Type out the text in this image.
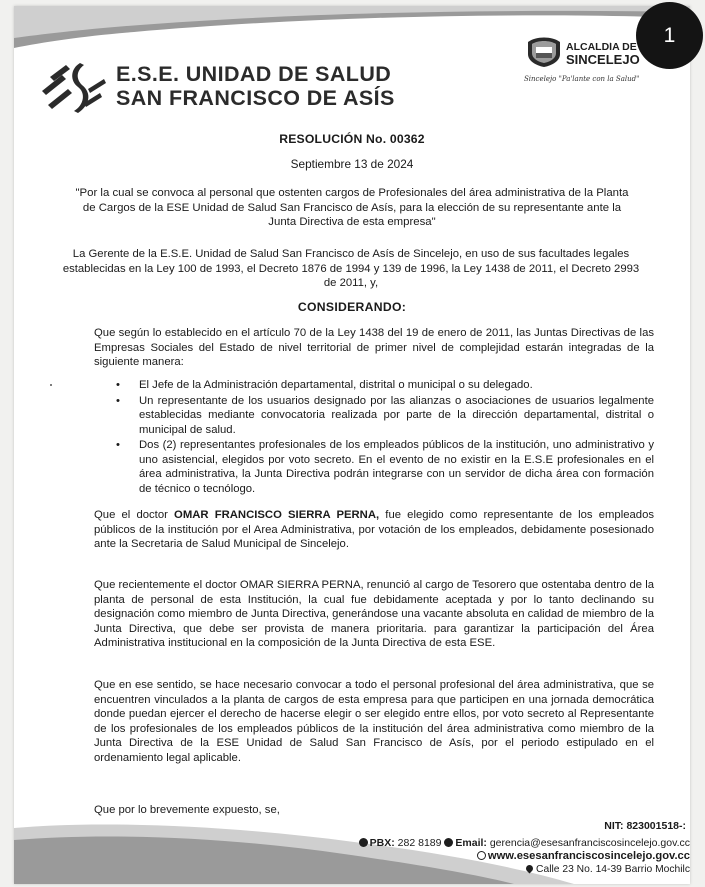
E.S.E. UNIDAD DE SALUD
SAN FRANCISCO DE ASÍS
ALCALDÍA DE
SINCELEJO
Sincelejo "Pa'lante con la Salud"
RESOLUCIÓN No. 00362
Septiembre 13 de 2024
"Por la cual se convoca al personal que ostenten cargos de Profesionales del área administrativa de la Planta de Cargos de la ESE Unidad de Salud San Francisco de Asís, para la elección de su representante ante la Junta Directiva de esta empresa"
La Gerente de la E.S.E. Unidad de Salud San Francisco de Asís de Sincelejo, en uso de sus facultades legales establecidas en la Ley 100 de 1993, el Decreto 1876 de 1994 y 139 de 1996, la Ley 1438 de 2011, el Decreto 2993 de 2011, y,
CONSIDERANDO:
Que según lo establecido en el artículo 70 de la Ley 1438 del 19 de enero de 2011, las Juntas Directivas de las Empresas Sociales del Estado de nivel territorial de primer nivel de complejidad estarán integradas de la siguiente manera:
• El Jefe de la Administración departamental, distrital o municipal o su delegado.
• Un representante de los usuarios designado por las alianzas o asociaciones de usuarios legalmente establecidas mediante convocatoria realizada por parte de la dirección departamental, distrital o municipal de salud.
• Dos (2) representantes profesionales de los empleados públicos de la institución, uno administrativo y uno asistencial, elegidos por voto secreto. En el evento de no existir en la E.S.E profesionales en el área administrativa, la Junta Directiva podrán integrarse con un servidor de dicha área con formación de técnico o tecnólogo.
Que el doctor OMAR FRANCISCO SIERRA PERNA, fue elegido como representante de los empleados públicos de la institución por el Area Administrativa, por votación de los empleados, debidamente posesionado ante la Secretaria de Salud Municipal de Sincelejo.
Que recientemente el doctor OMAR SIERRA PERNA, renunció al cargo de Tesorero que ostentaba dentro de la planta de personal de esta Institución, la cual fue debidamente aceptada y por lo tanto declinando su designación como miembro de Junta Directiva, generándose una vacante absoluta en calidad de miembro de la Junta Directiva, que debe ser provista de manera prioritaria. para garantizar la participación del Área Administrativa institucional en la composición de la Junta Directiva de esta ESE.
Que en ese sentido, se hace necesario convocar a todo el personal profesional del área administrativa, que se encuentren vinculados a la planta de cargos de esta empresa para que participen en una jornada democrática donde puedan ejercer el derecho de hacerse elegir o ser elegido entre ellos, por voto secreto al Representante de los profesionales de los empleados públicos de la institución del área administrativa como miembro de la Junta Directiva de la ESE Unidad de Salud San Francisco de Asís, por el periodo estipulado en el ordenamiento legal aplicable.
Que por lo brevemente expuesto, se,
NIT: 823001518-:
PBX: 282 8189 Email: gerencia@esesanfranciscosincelejo.gov.cc
www.esesanfranciscosincelejo.gov.cc
Calle 23 No. 14-39 Barrio Mochilc
1
